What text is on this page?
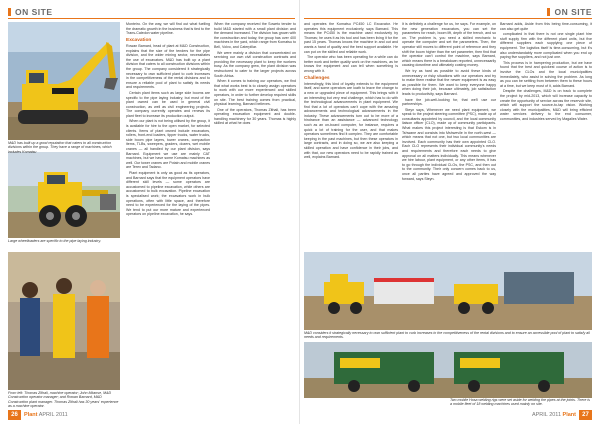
ON SITE
Large wheelloaders are specific to the pipe laying industry.
M&D has built up a good reputation that caters to all construction divisions within the group. They have a range of machines, which includes Komatsu
From left: Thomas Zithali, machine operator; John Mkanse, M&D Construction operator manager; and Rowan Barnard, M&D Construction plant manager. Thomas Zithali has 30 years' experience as a machine operator.

Monteiro. On the way, we will find out what fuelling the dramatic growth in the business that is tied to the Trans-Caledon water pipeline.

Excavation

Rowan Barnard, head of plant at M&D Construction, explains that the size of the tenders for the pipe division, and the wider mining sector, necessitates the use of excavators. M&D has built up a plant division that caters to all construction divisions within the group. The company considered it strategically necessary to own sufficient plant to curb increases in the competitiveness of the rental divisions and to ensure a reliable pool of plant to satisfy its needs and requirements.

Certain plant items such as large side booms are specific to the pipe laying industry, but most of the plant owned can be used in general civil construction, as well as civil engineering projects. The company currently operates and renews its plant fleet to increase its production output.

When our plant is not being utilised by the group, it is available for hire to the open market, for selected clients. Items of plant owned include excavators, rollers, front-end loaders, tipper trucks, water trucks, side boom pipe layers, tower cranes, compaction items, TLBs, sweepers, graders, dozers, wet mobile cranes — all handled by our plant division, says Barnard. Equipment we use are mainly CAT machines, but we have some Komatsu machines as well. Our tower cranes are Potain and mobile cranes are Terex and Tadano.

Plant equipment is only as good as its operators, and Barnard says that the equipment operators have different skill levels — some operators are accustomed to pipeline excavation, while others are accustomed to bulk excavation. Pipeline excavation is specialised work; the excavators work in bulk operations, often with little space, and therefore need to be experienced for the laying of the pipes. We tend to put our more mature and experienced operators on pipeline excavation, he says.

When the company received the Soweto tender to build M&D started with a small plant division and the demand increased. The division has grown with the construction and today, the group has over 400 machines in the yard, which range from Komatsu to Bell, Volvo, and Caterpillar.

We were mainly a division that concentrated on servicing our own civil construction contracts and providing the necessary plant to keep the workers busy. As the company grew, the plant division was restructured to cater to the larger projects across South Africa.

When it comes to training our operators, we find that what works best is to closely assign operators to work with our more experienced and skilled operators, in order to further develop required skills on site. The best training comes from practical, physical learning, Barnard believes.

One of the operators, Thomas Zithali, has been operating excavation equipment and double-handling machinery for 30 years. Thomas is highly skilled at what he does

26	Plant APRIL 2011
ON SITE

and operates the Komatsu PC450 LC Excavator. He operates this equipment exclusively, says Barnard. This means the PC450 is the machine used exclusively by Thomas; he uses it as his tool and has been living it for the past 15 years. Thomas knows the machine in and out and wants a hand of quality and the best support available. He can put on the skilled and reliable work.

The operator who has been operating for a while can do better work and better quality work on the machines, as he knows the equipment and can tell when something is wrong with it.

Challenges

Interestingly, this kind of loyalty extends to the equipment itself, and some operators are loath to leave the change to a new or upgraded piece of equipment. This brings with it an interesting but very real challenge, which has to do with the technological advancements in plant equipment. We find that a lot of operators can't cope with the amazing advancements and technological advancements in the industry. These advancements turn out to be more of a hindrance than an assistance — advanced technology such as an on-board computer, for instance, requires a quick a lot of training for the user, and that makes operators sometimes find it complex. They are comfortable keeping in the past machines, but then these operators in large contracts, and in doing so, we are also keeping a skilled operation and have confidence in their jobs, and with that, our new operators need to be rapidly trained as well, explains Barnard.

It is definitely a challenge for us, he says. For example, on the new generation excavators, you can set the parameters for reach, boom lift, depth of the trench, and so on. The problem is, you need a skilled mechanic to operate the computer and set the parameters. Then, the operator still moves to different point of reference and they shift the boom higher than the set parameter, then find that the operator can't control the machine, says Barnard, which means there is a breakdown reported, unnecessarily causing downtime and ultimately costing money.

We try as hard as possible to avoid these kinds of unnecessary or risky situations with our operators and try to make them realise that the newer equipment is as easy as possible for them. We want to keep everyone happy when doing their job, because ultimately, job satisfaction leads to productivity, says Barnard.

have the job-well-looking for, that we'll use our partnerships.

Steyn says, Whenever we need plant equipment, we speak to the project steering committee (PSC), made up of consultants appointed by council, and the local community liaison officer (CLO), made up of community participants. What makes this project interesting is that Eskom is in Tshwane and consists into Mshwevile in the north-west — which means that not one, but two local communities are involved. Each community has their own appointed CLO. Each CLO represents their individual community's needs and requirements and therefore each needs to give approval on all matters individually. This means whenever we hire labour, plant equipment, or any other items, it has to go through the individual CLOs, the PSC, and then out to the community. Their only concern comes back to us, once all parties have agreed and approved the way forward, says Steyn.

Barnard adds, Aside from this being time-consuming, it can also get quite

complicated in that there is not one single plant hire stuff supply firm with the different plant units, but five different suppliers each supplying one piece of equipment. The logistics itself is time-consuming, but it's also understandably more complicated when you end up paying five suppliers, and not just one.

This process is in hampering production, but we have found that the best and quickest course of action is to involve the CLOs and the local municipalities immediately, who assist in solving the problem. As long as you can be settling from between them to these hours at a time, but we keep most of it, adds Barnard.

Despite the challenges, M&D is on track to complete the project by mid-2013, which will increase capacity to create the opportunity of service across the reservoir site, which will support the source-to-tap vision. Working closely with the municipalities, M&D will bring efficient water services delivery to the end consumer, communities, and industries served by Magalies Water.

M&D considers it strategically necessary to own sufficient plant to curb increases in the competitiveness of the rental divisions and to ensure an accessible pool of plant to satisfy all needs and requirements.
Two mobile Hosa welding rigs were set aside for welding the pipes at the joints. There is a mobile fleet of 18 welding machines used mainly on site.
27
APRIL 2011 Plant
